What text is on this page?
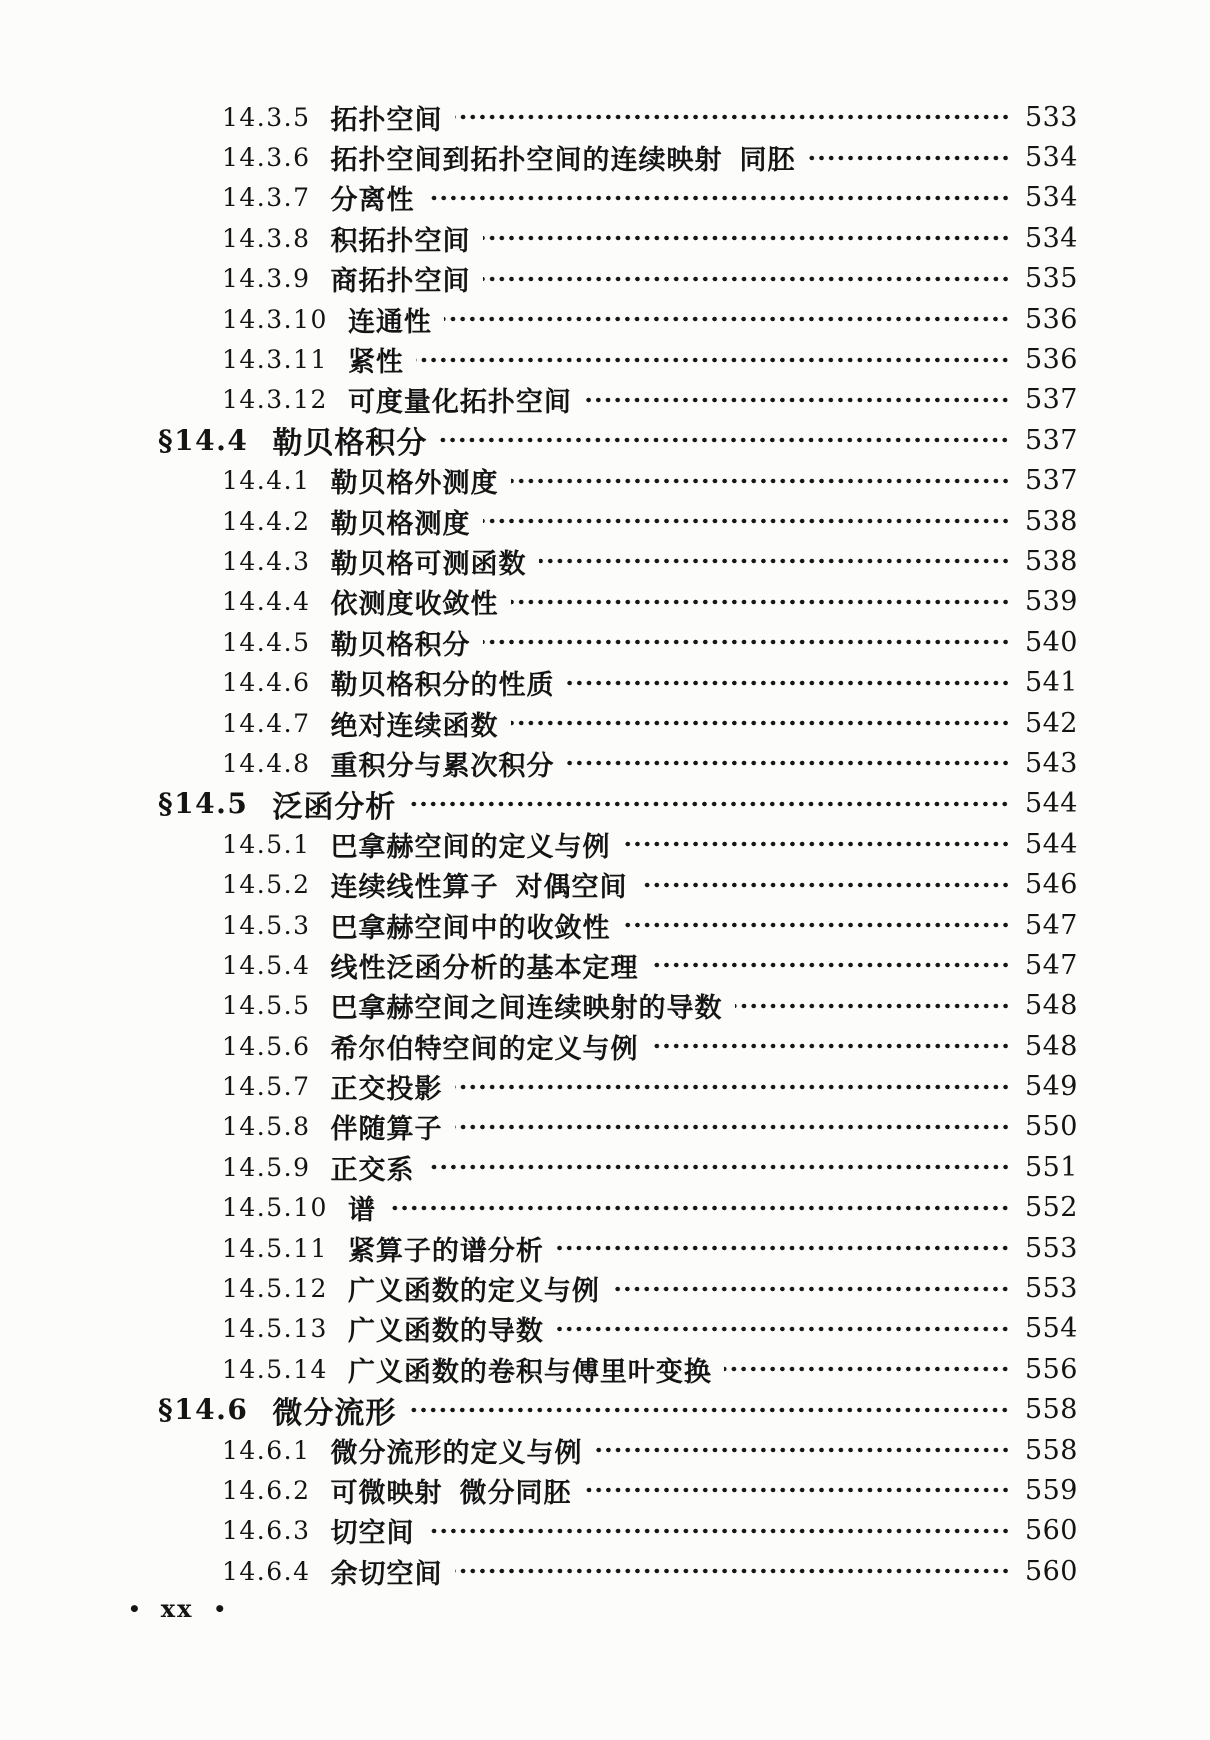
14.3.5 拓扑空间	533
14.3.6 拓扑空间到拓扑空间的连续映射  同胚	534
14.3.7 分离性	534
14.3.8 积拓扑空间	534
14.3.9 商拓扑空间	535
14.3.10 连通性	536
14.3.11 紧性	536
14.3.12 可度量化拓扑空间	537
§14.4 勒贝格积分	537
14.4.1 勒贝格外测度	537
14.4.2 勒贝格测度	538
14.4.3 勒贝格可测函数	538
14.4.4 依测度收敛性	539
14.4.5 勒贝格积分	540
14.4.6 勒贝格积分的性质	541
14.4.7 绝对连续函数	542
14.4.8 重积分与累次积分	543
§14.5 泛函分析	544
14.5.1 巴拿赫空间的定义与例	544
14.5.2 连续线性算子  对偶空间	546
14.5.3 巴拿赫空间中的收敛性	547
14.5.4 线性泛函分析的基本定理	547
14.5.5 巴拿赫空间之间连续映射的导数	548
14.5.6 希尔伯特空间的定义与例	548
14.5.7 正交投影	549
14.5.8 伴随算子	550
14.5.9 正交系	551
14.5.10 谱	552
14.5.11 紧算子的谱分析	553
14.5.12 广义函数的定义与例	553
14.5.13 广义函数的导数	554
14.5.14 广义函数的卷积与傅里叶变换	556
§14.6 微分流形	558
14.6.1 微分流形的定义与例	558
14.6.2 可微映射  微分同胚	559
14.6.3 切空间	560
14.6.4 余切空间	560
• xx •
